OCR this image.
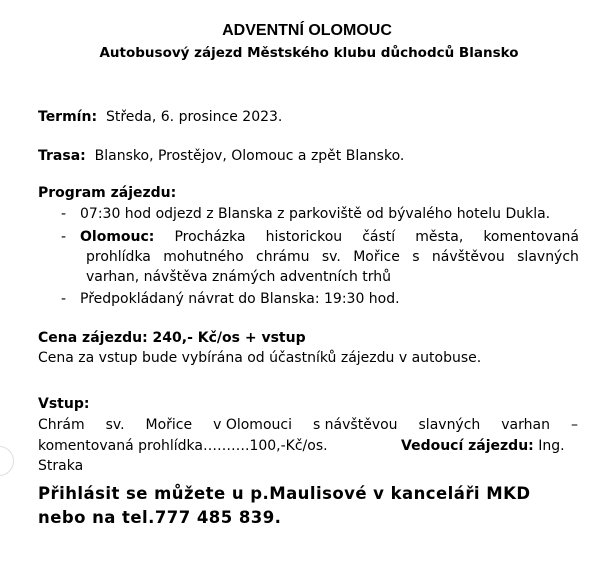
ADVENTNÍ OLOMOUC
Autobusový zájezd Městského klubu důchodců Blansko
Termín: Středa, 6. prosince 2023.
Trasa: Blansko, Prostějov, Olomouc a zpět Blansko.
Program zájezdu:
- 07:30 hod odjezd z Blanska z parkoviště od bývalého hotelu Dukla.
- Olomouc: Procházka historickou částí města, komentovaná
prohlídka mohutného chrámu sv. Mořice s návštěvou slavných
varhan, návštěva známých adventních trhů
- Předpokládaný návrat do Blanska: 19:30 hod.
Cena zájezdu: 240,- Kč/os + vstup
Cena za vstup bude vybírána od účastníků zájezdu v autobuse.
Vstup:
Chrám sv. Mořice v Olomouci s návštěvou slavných varhan –
komentovaná prohlídka……….100,-Kč/os.	Vedoucí zájezdu: Ing.
Straka
Přihlásit se můžete u p.Maulisové v kanceláři MKD
nebo na tel.777 485 839.
